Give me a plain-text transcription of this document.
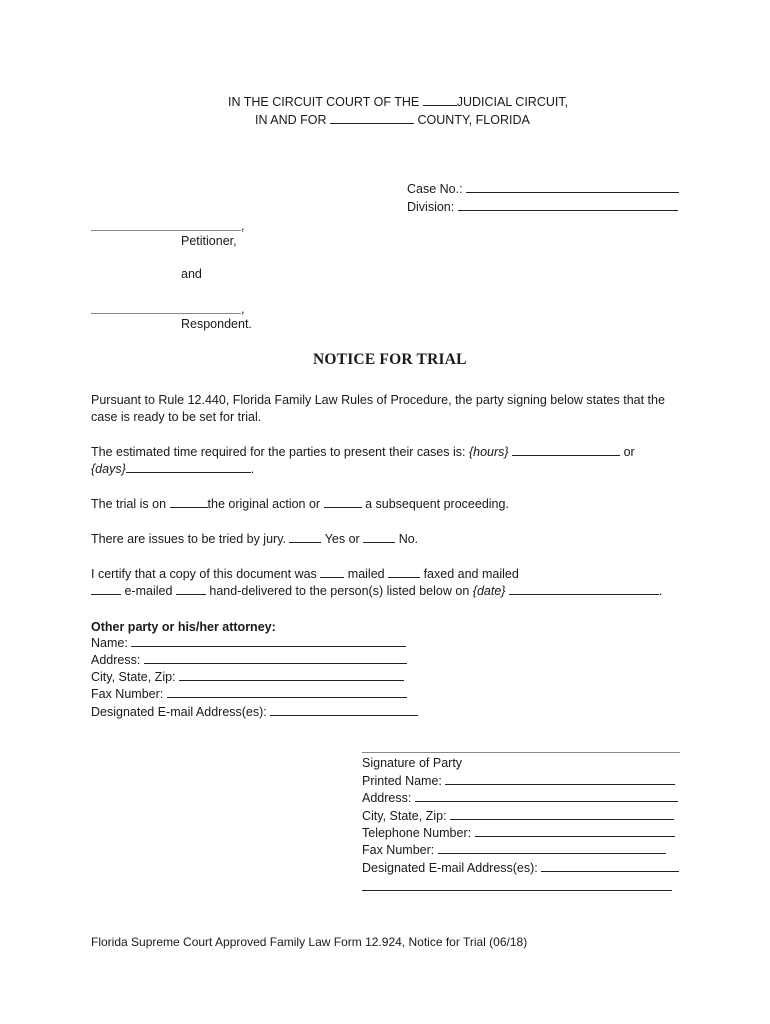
IN THE CIRCUIT COURT OF THE	JUDICIAL CIRCUIT,
IN AND FOR	COUNTY, FLORIDA
Case No.:
Division:
,
Petitioner,
and
,
Respondent.
NOTICE FOR TRIAL
Pursuant to Rule 12.440, Florida Family Law Rules of Procedure, the party signing below states that the
case is ready to be set for trial.
The estimated time required for the parties to present their cases is: {hours}	or
{days}	.
The trial is on	the original action or	a subsequent proceeding.
There are issues to be tried by jury.	Yes or	No.
I certify that a copy of this document was mailed	faxed and mailed
e-mailed	hand-delivered to the person(s) listed below on {date}	.
Other party or his/her attorney:
Name:
Address:
City, State, Zip:
Fax Number:
Designated E-mail Address(es):
Signature of Party
Printed Name:
Address:
City, State, Zip:
Telephone Number:
Fax Number:
Designated E-mail Address(es):
Florida Supreme Court Approved Family Law Form 12.924, Notice for Trial (06/18)
